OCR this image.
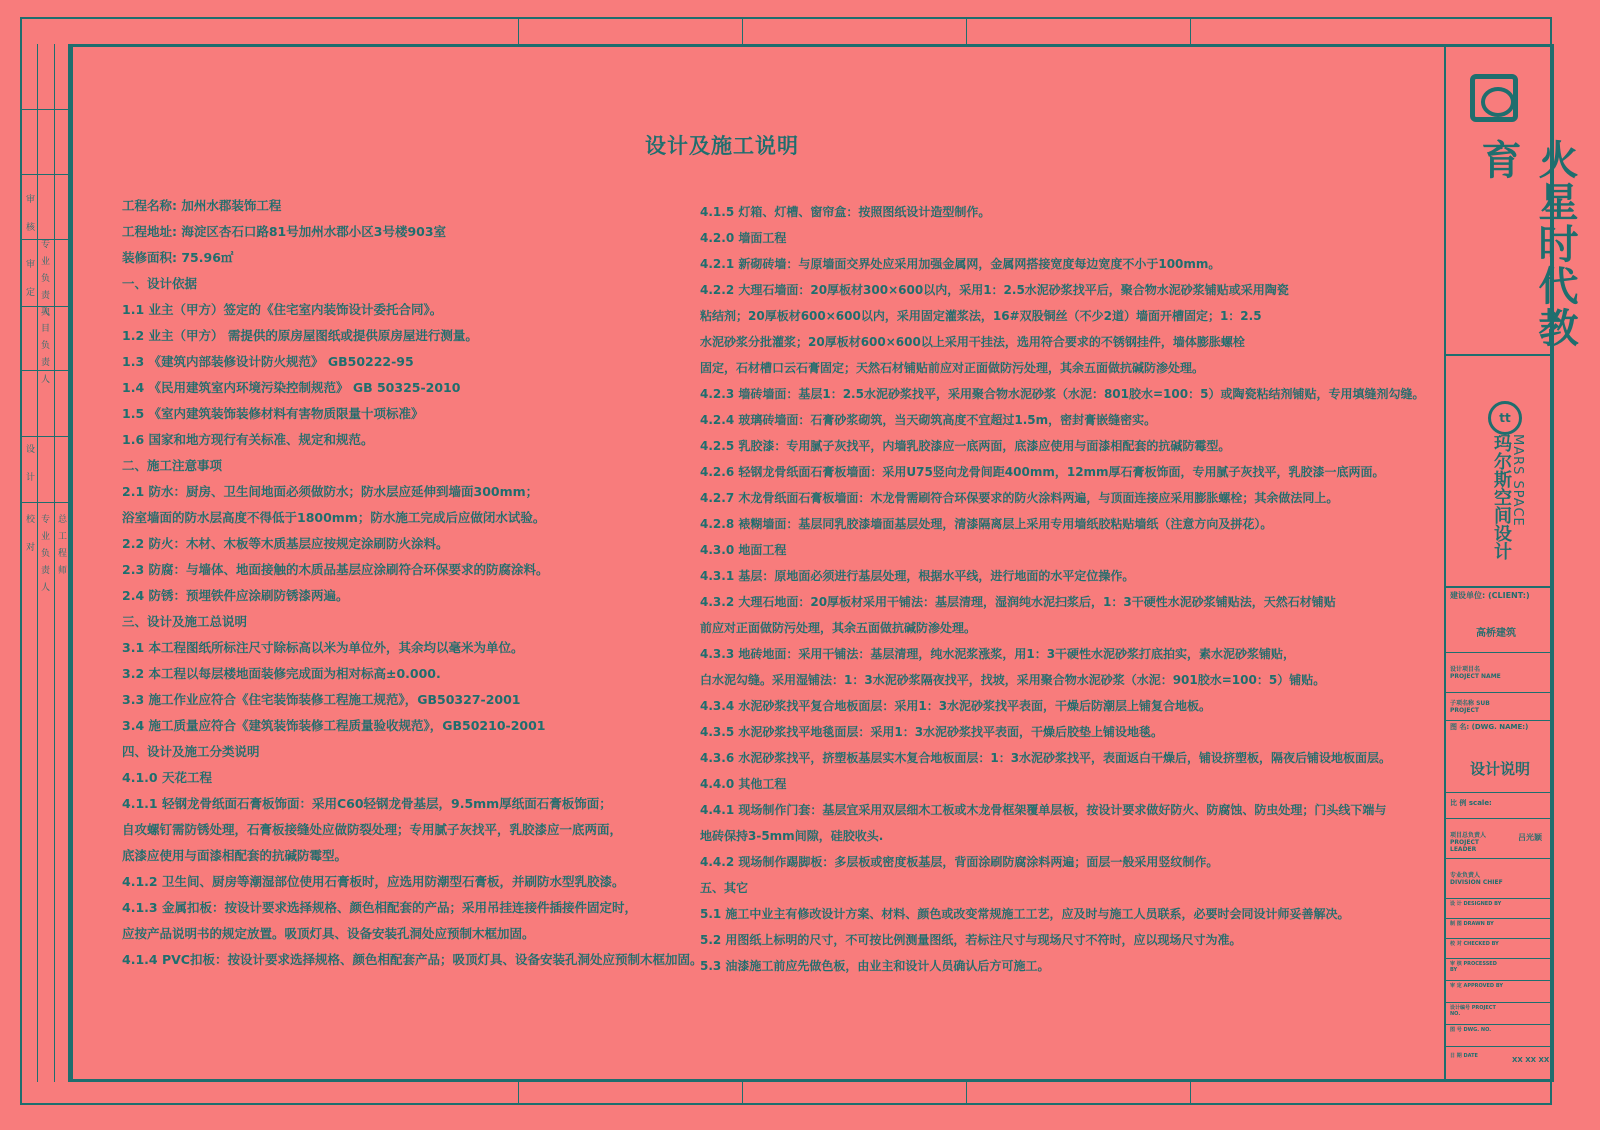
审 核
审 定 专业负责人
项目负责人
设 计
校 对 专业负责人 总工程师
设计及施工说明
工程名称: 加州水郡装饰工程
工程地址: 海淀区杏石口路81号加州水郡小区3号楼903室
装修面积: 75.96㎡
一、设计依据
1.1 业主（甲方）签定的《住宅室内装饰设计委托合同》。
1.2 业主（甲方） 需提供的原房屋图纸或提供原房屋进行测量。
1.3 《建筑内部装修设计防火规范》 GB50222-95
1.4 《民用建筑室内环境污染控制规范》 GB 50325-2010
1.5 《室内建筑装饰装修材料有害物质限量十项标准》
1.6 国家和地方现行有关标准、规定和规范。
二、施工注意事项
2.1 防水：厨房、卫生间地面必须做防水；防水层应延伸到墙面300mm；
浴室墙面的防水层高度不得低于1800mm；防水施工完成后应做闭水试验。
2.2 防火：木材、木板等木质基层应按规定涂刷防火涂料。
2.3 防腐：与墙体、地面接触的木质品基层应涂刷符合环保要求的防腐涂料。
2.4 防锈：预埋铁件应涂刷防锈漆两遍。
三、设计及施工总说明
3.1 本工程图纸所标注尺寸除标高以米为单位外，其余均以毫米为单位。
3.2 本工程以每层楼地面装修完成面为相对标高±0.000.
3.3 施工作业应符合《住宅装饰装修工程施工规范》，GB50327-2001
3.4 施工质量应符合《建筑装饰装修工程质量验收规范》，GB50210-2001
四、设计及施工分类说明
4.1.0 天花工程
4.1.1 轻钢龙骨纸面石膏板饰面：采用C60轻钢龙骨基层，9.5mm厚纸面石膏板饰面；
自攻螺钉需防锈处理，石膏板接缝处应做防裂处理；专用腻子灰找平，乳胶漆应一底两面，
底漆应使用与面漆相配套的抗碱防霉型。
4.1.2 卫生间、厨房等潮湿部位使用石膏板时，应选用防潮型石膏板，并刷防水型乳胶漆。
4.1.3 金属扣板：按设计要求选择规格、颜色相配套的产品；采用吊挂连接件插接件固定时，
应按产品说明书的规定放置。吸顶灯具、设备安装孔洞处应预制木框加固。
4.1.4 PVC扣板：按设计要求选择规格、颜色相配套产品；吸顶灯具、设备安装孔洞处应预制木框加固。
4.1.5 灯箱、灯槽、窗帘盒：按照图纸设计造型制作。
4.2.0 墙面工程
4.2.1 新砌砖墙：与原墙面交界处应采用加强金属网，金属网搭接宽度每边宽度不小于100mm。
4.2.2 大理石墙面：20厚板材300×600以内，采用1：2.5水泥砂浆找平后，聚合物水泥砂浆铺贴或采用陶瓷
粘结剂；20厚板材600×600以内，采用固定灌浆法，16#双股铜丝（不少2道）墙面开槽固定；1：2.5
水泥砂浆分批灌浆；20厚板材600×600以上采用干挂法，选用符合要求的不锈钢挂件，墙体膨胀螺栓
固定，石材槽口云石膏固定；天然石材铺贴前应对正面做防污处理，其余五面做抗碱防渗处理。
4.2.3 墙砖墙面：基层1：2.5水泥砂浆找平，采用聚合物水泥砂浆（水泥：801胶水=100：5）或陶瓷粘结剂铺贴，专用填缝剂勾缝。
4.2.4 玻璃砖墙面：石膏砂浆砌筑，当天砌筑高度不宜超过1.5m，密封膏嵌缝密实。
4.2.5 乳胶漆：专用腻子灰找平，内墙乳胶漆应一底两面，底漆应使用与面漆相配套的抗碱防霉型。
4.2.6 轻钢龙骨纸面石膏板墙面：采用U75竖向龙骨间距400mm，12mm厚石膏板饰面，专用腻子灰找平，乳胶漆一底两面。
4.2.7 木龙骨纸面石膏板墙面：木龙骨需刷符合环保要求的防火涂料两遍，与顶面连接应采用膨胀螺栓；其余做法同上。
4.2.8 裱糊墙面：基层同乳胶漆墙面基层处理，清漆隔离层上采用专用墙纸胶粘贴墙纸（注意方向及拼花）。
4.3.0 地面工程
4.3.1 基层：原地面必须进行基层处理，根据水平线，进行地面的水平定位操作。
4.3.2 大理石地面：20厚板材采用干铺法：基层清理，湿润纯水泥扫浆后，1：3干硬性水泥砂浆铺贴法，天然石材铺贴
前应对正面做防污处理，其余五面做抗碱防渗处理。
4.3.3 地砖地面：采用干铺法：基层清理，纯水泥浆涨浆，用1：3干硬性水泥砂浆打底拍实，素水泥砂浆铺贴，
白水泥勾缝。采用湿铺法：1：3水泥砂浆隔夜找平，找坡，采用聚合物水泥砂浆（水泥：901胶水=100：5）铺贴。
4.3.4 水泥砂浆找平复合地板面层：采用1：3水泥砂浆找平表面，干燥后防潮层上铺复合地板。
4.3.5 水泥砂浆找平地毯面层：采用1：3水泥砂浆找平表面，干燥后胶垫上铺设地毯。
4.3.6 水泥砂浆找平，挤塑板基层实木复合地板面层：1：3水泥砂浆找平，表面返白干燥后，铺设挤塑板，隔夜后铺设地板面层。
4.4.0 其他工程
4.4.1 现场制作门套：基层宜采用双层细木工板或木龙骨框架覆单层板，按设计要求做好防火、防腐蚀、防虫处理；门头线下端与
地砖保持3-5mm间隙，硅胶收头.
4.4.2 现场制作踢脚板：多层板或密度板基层，背面涂刷防腐涂料两遍；面层一般采用竖纹制作。
五、其它
5.1 施工中业主有修改设计方案、材料、颜色或改变常规施工工艺，应及时与施工人员联系，必要时会同设计师妥善解决。
5.2 用图纸上标明的尺寸，不可按比例测量图纸，若标注尺寸与现场尺寸不符时，应以现场尺寸为准。
5.3 油漆施工前应先做色板，由业主和设计人员确认后方可施工。
火星时代教育
tt
玛尔斯空间设计
MARS SPACE
建设单位: (CLIENT:)
高桥建筑
设计项目名 PROJECT NAME
子项名称 SUB PROJECT
图 名: (DWG. NAME:)
设计说明
比 例 scale:
项目总负责人 PROJECT LEADER
吕光颖
专业负责人 DIVISION CHIEF
设 计 DESIGNED BY
制 图 DRAWN BY
校 对 CHECKED BY
审 核 PROCESSED BY
审 定 APPROVED BY
设计编号 PROJECT NO.
图 号 DWG. NO.
日 期 DATE	XX XX XX
